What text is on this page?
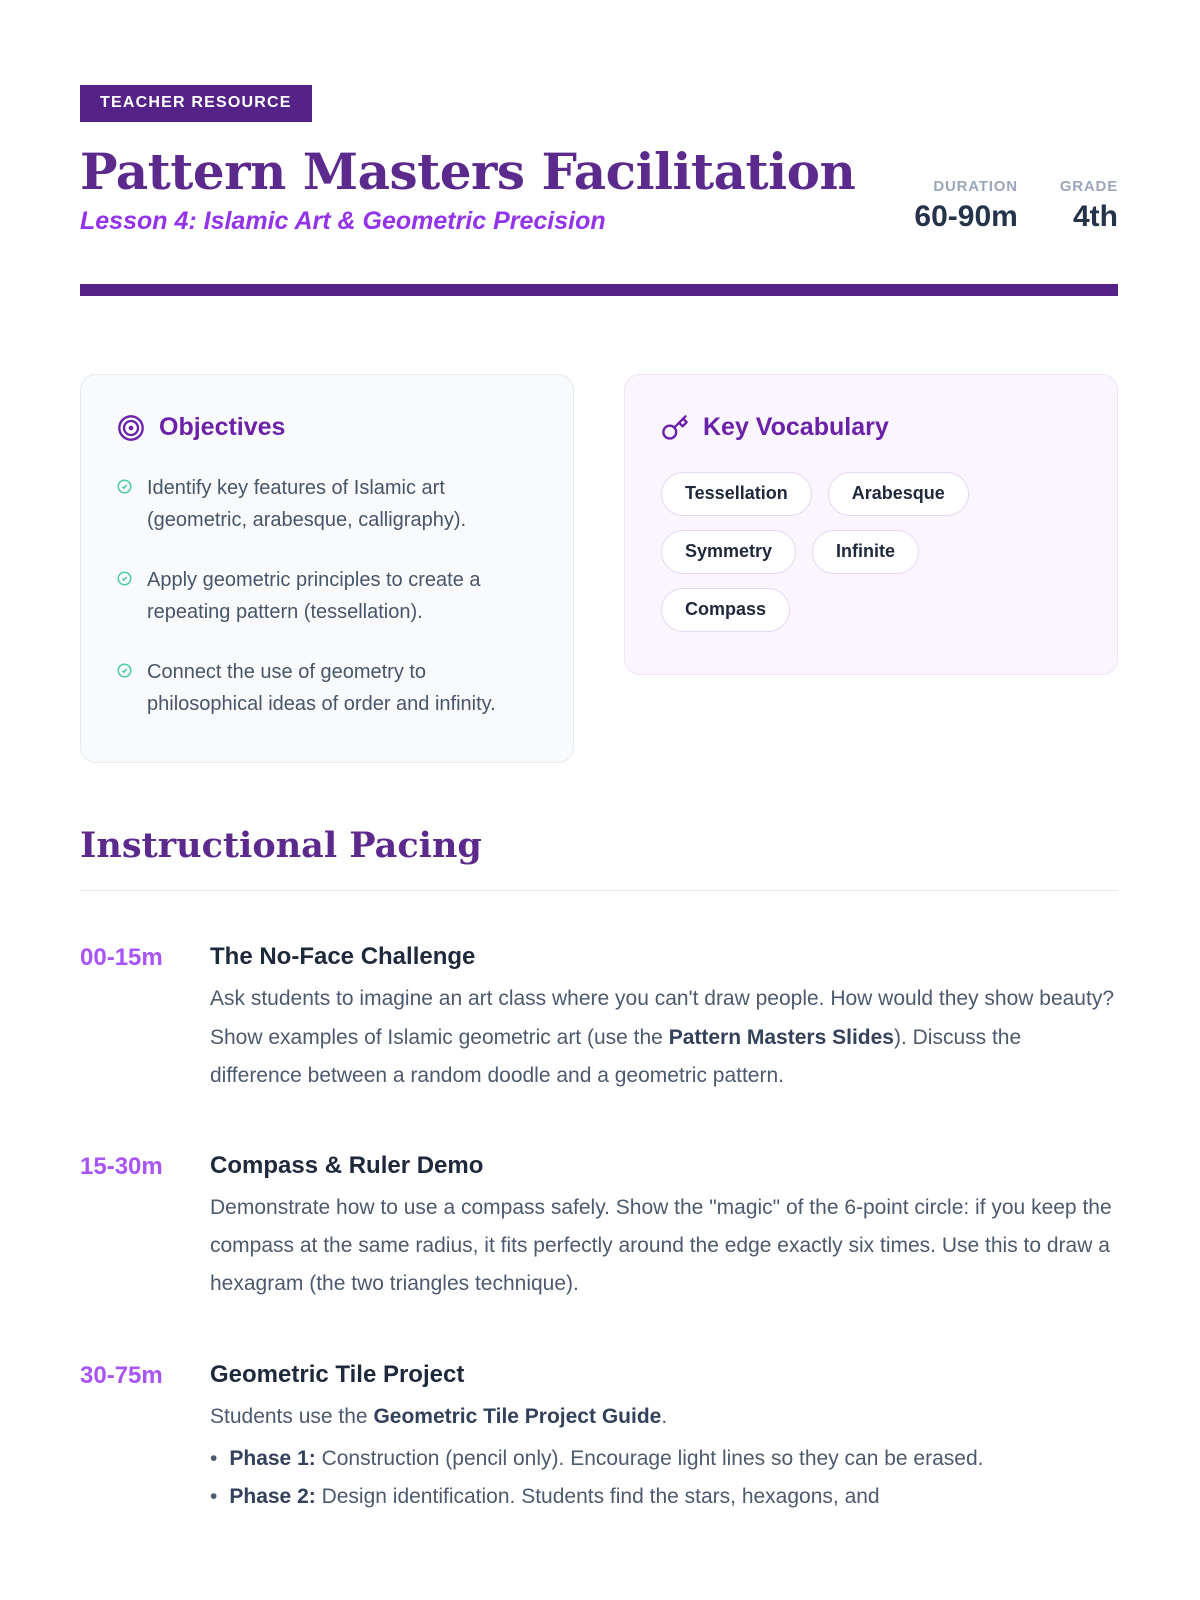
TEACHER RESOURCE
Pattern Masters Facilitation
Lesson 4: Islamic Art & Geometric Precision
DURATION
60-90m
GRADE
4th
Objectives
Identify key features of Islamic art (geometric, arabesque, calligraphy).
Apply geometric principles to create a repeating pattern (tessellation).
Connect the use of geometry to philosophical ideas of order and infinity.
Key Vocabulary
Tessellation	Arabesque
Symmetry	Infinite
Compass
Instructional Pacing
00-15m	The No-Face Challenge

Ask students to imagine an art class where you can't draw people. How would they show beauty? Show examples of Islamic geometric art (use the Pattern Masters Slides). Discuss the difference between a random doodle and a geometric pattern.

15-30m	Compass & Ruler Demo

Demonstrate how to use a compass safely. Show the "magic" of the 6-point circle: if you keep the compass at the same radius, it fits perfectly around the edge exactly six times. Use this to draw a hexagram (the two triangles technique).

30-75m	Geometric Tile Project

Students use the Geometric Tile Project Guide.

• Phase 1: Construction (pencil only). Encourage light lines so they can be erased.
• Phase 2: Design identification. Students find the stars, hexagons, and
